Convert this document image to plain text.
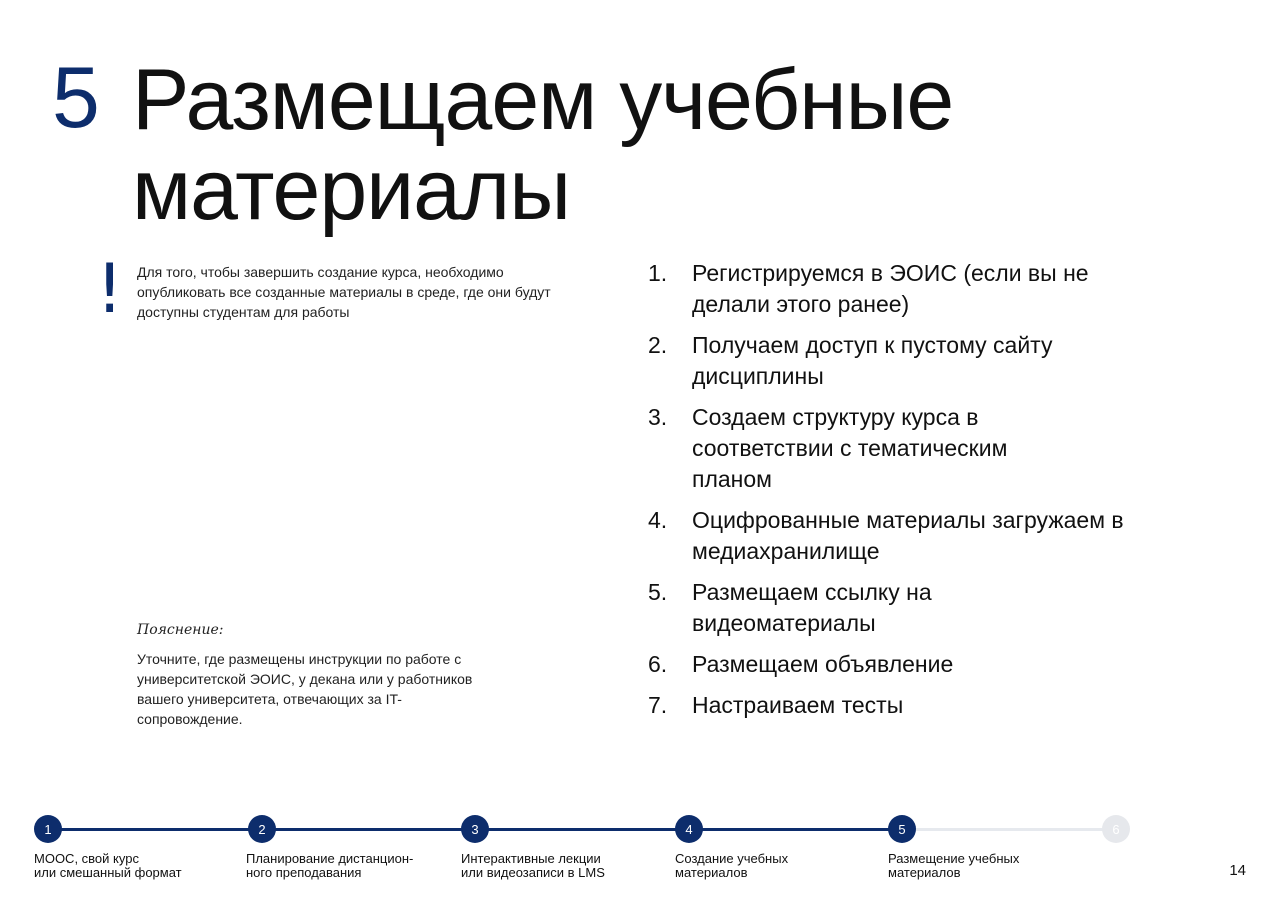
5 Размещаем учебные материалы
! Для того, чтобы завершить создание курса, необходимо опубликовать все созданные материалы в среде, где они будут доступны студентам для работы
Пояснение:
Уточните, где размещены инструкции по работе с университетской ЭОИС, у декана или у работников вашего университета, отвечающих за IT-сопровождение.
1.	Регистрируемся в ЭОИС (если вы не делали этого ранее)
2.	Получаем доступ к пустому сайту дисциплины
3.	Создаем структуру курса в соответствии с тематическим планом
4.	Оцифрованные материалы загружаем в медиахранилище
5.	Размещаем ссылку на видеоматериалы
6.	Размещаем объявление
7.	Настраиваем тесты
1	2	3	4	5	6
MOOC, свой курс
или смешанный формат
Планирование дистанцион-
ного преподавания
Интерактивные лекции
или видеозаписи в LMS
Создание учебных
материалов
Размещение учебных
материалов	14
